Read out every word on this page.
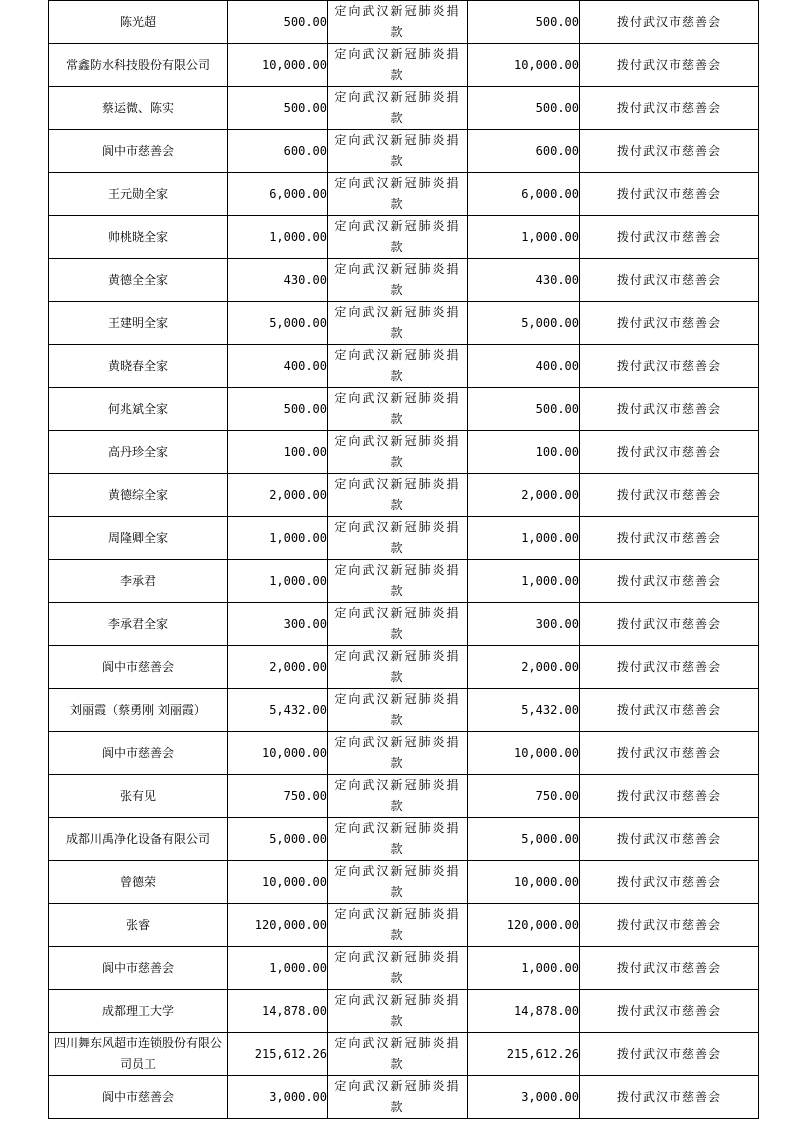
陈光超	500.00	定向武汉新冠肺炎捐款	500.00	拨付武汉市慈善会
常鑫防水科技股份有限公司	10,000.00	定向武汉新冠肺炎捐款	10,000.00	拨付武汉市慈善会
蔡运微、陈实	500.00	定向武汉新冠肺炎捐款	500.00	拨付武汉市慈善会
阆中市慈善会	600.00	定向武汉新冠肺炎捐款	600.00	拨付武汉市慈善会
王元勋全家	6,000.00	定向武汉新冠肺炎捐款	6,000.00	拨付武汉市慈善会
帅桃晓全家	1,000.00	定向武汉新冠肺炎捐款	1,000.00	拨付武汉市慈善会
黄德全全家	430.00	定向武汉新冠肺炎捐款	430.00	拨付武汉市慈善会
王建明全家	5,000.00	定向武汉新冠肺炎捐款	5,000.00	拨付武汉市慈善会
黄晓春全家	400.00	定向武汉新冠肺炎捐款	400.00	拨付武汉市慈善会
何兆斌全家	500.00	定向武汉新冠肺炎捐款	500.00	拨付武汉市慈善会
高丹珍全家	100.00	定向武汉新冠肺炎捐款	100.00	拨付武汉市慈善会
黄德综全家	2,000.00	定向武汉新冠肺炎捐款	2,000.00	拨付武汉市慈善会
周隆卿全家	1,000.00	定向武汉新冠肺炎捐款	1,000.00	拨付武汉市慈善会
李承君	1,000.00	定向武汉新冠肺炎捐款	1,000.00	拨付武汉市慈善会
李承君全家	300.00	定向武汉新冠肺炎捐款	300.00	拨付武汉市慈善会
阆中市慈善会	2,000.00	定向武汉新冠肺炎捐款	2,000.00	拨付武汉市慈善会
刘丽霞（蔡勇刚 刘丽霞）	5,432.00	定向武汉新冠肺炎捐款	5,432.00	拨付武汉市慈善会
阆中市慈善会	10,000.00	定向武汉新冠肺炎捐款	10,000.00	拨付武汉市慈善会
张有见	750.00	定向武汉新冠肺炎捐款	750.00	拨付武汉市慈善会
成都川禹净化设备有限公司	5,000.00	定向武汉新冠肺炎捐款	5,000.00	拨付武汉市慈善会
曾德荣	10,000.00	定向武汉新冠肺炎捐款	10,000.00	拨付武汉市慈善会
张睿	120,000.00	定向武汉新冠肺炎捐款	120,000.00	拨付武汉市慈善会
阆中市慈善会	1,000.00	定向武汉新冠肺炎捐款	1,000.00	拨付武汉市慈善会
成都理工大学	14,878.00	定向武汉新冠肺炎捐款	14,878.00	拨付武汉市慈善会
四川舞东风超市连锁股份有限公司员工	215,612.26	定向武汉新冠肺炎捐款	215,612.26	拨付武汉市慈善会
阆中市慈善会	3,000.00	定向武汉新冠肺炎捐款	3,000.00	拨付武汉市慈善会
